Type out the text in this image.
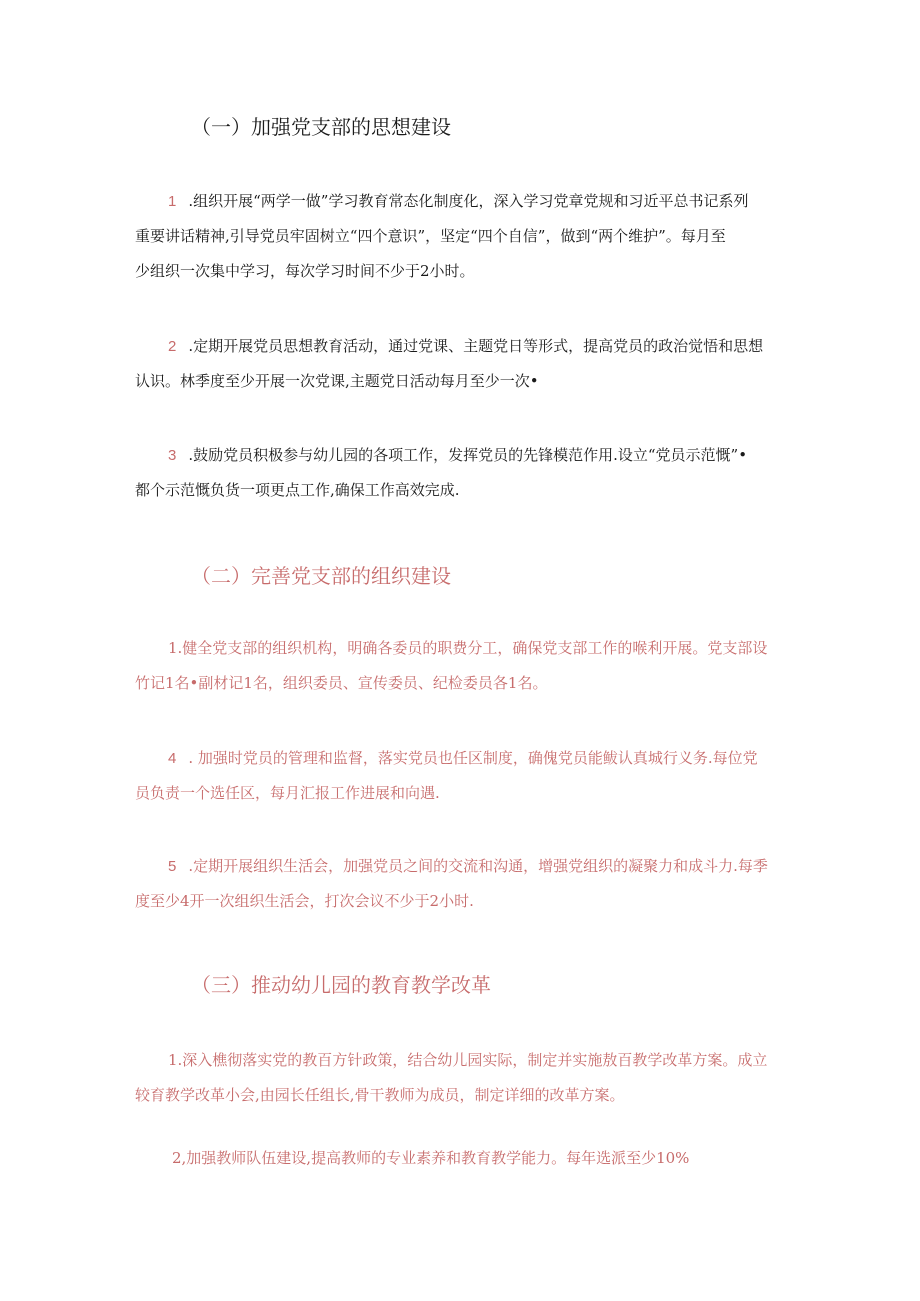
（一）加强党支部的思想建设
1 .组织开展“两学一做”学习教育常态化制度化，深入学习党章党规和习近平总书记系列
重要讲话精神,引导党员牢固树立“四个意识”，坚定“四个自信”，做到“两个维护”。每月至
少组织一次集中学习，每次学习时间不少于2小时。
2 .定期开展党员思想教育活动，通过党课、主题党日等形式，提高党员的政治觉悟和思想
认识。林季度至少开展一次党课,主题党日活动每月至少一次•
3 .鼓励党员积极参与幼儿园的各项工作，发挥党员的先锋模范作用.设立“党员示范慨”•
都个示范慨负货一项更点工作,确保工作高效完成.
（二）完善党支部的组织建设
1.健全党支部的组织机构，明确各委员的职费分工，确保党支部工作的喉利开展。党支部设
竹记1名•副材记1名，组织委员、宣传委员、纪检委员各1名。
4 . 加强时党员的管理和监督，落实党员也任区制度，确傀党员能鲅认真城行义务.每位党
员负责一个选任区，每月汇报工作进展和向遇.
5 .定期开展组织生活会，加强党员之间的交流和沟通，增强党组织的凝聚力和成斗力.每季
度至少4开一次组织生活会，打次会议不少于2小时.
（三）推动幼儿园的教育教学改革
1.深入樵彻落实党的教百方针政策，结合幼儿园实际，制定并实施敖百教学改革方案。成立
较育教学改革小会,由园长任组长,骨干教师为成员，制定详细的改革方案。
2,加强教师队伍建设,提高教师的专业素养和教育教学能力。每年选派至少10%
